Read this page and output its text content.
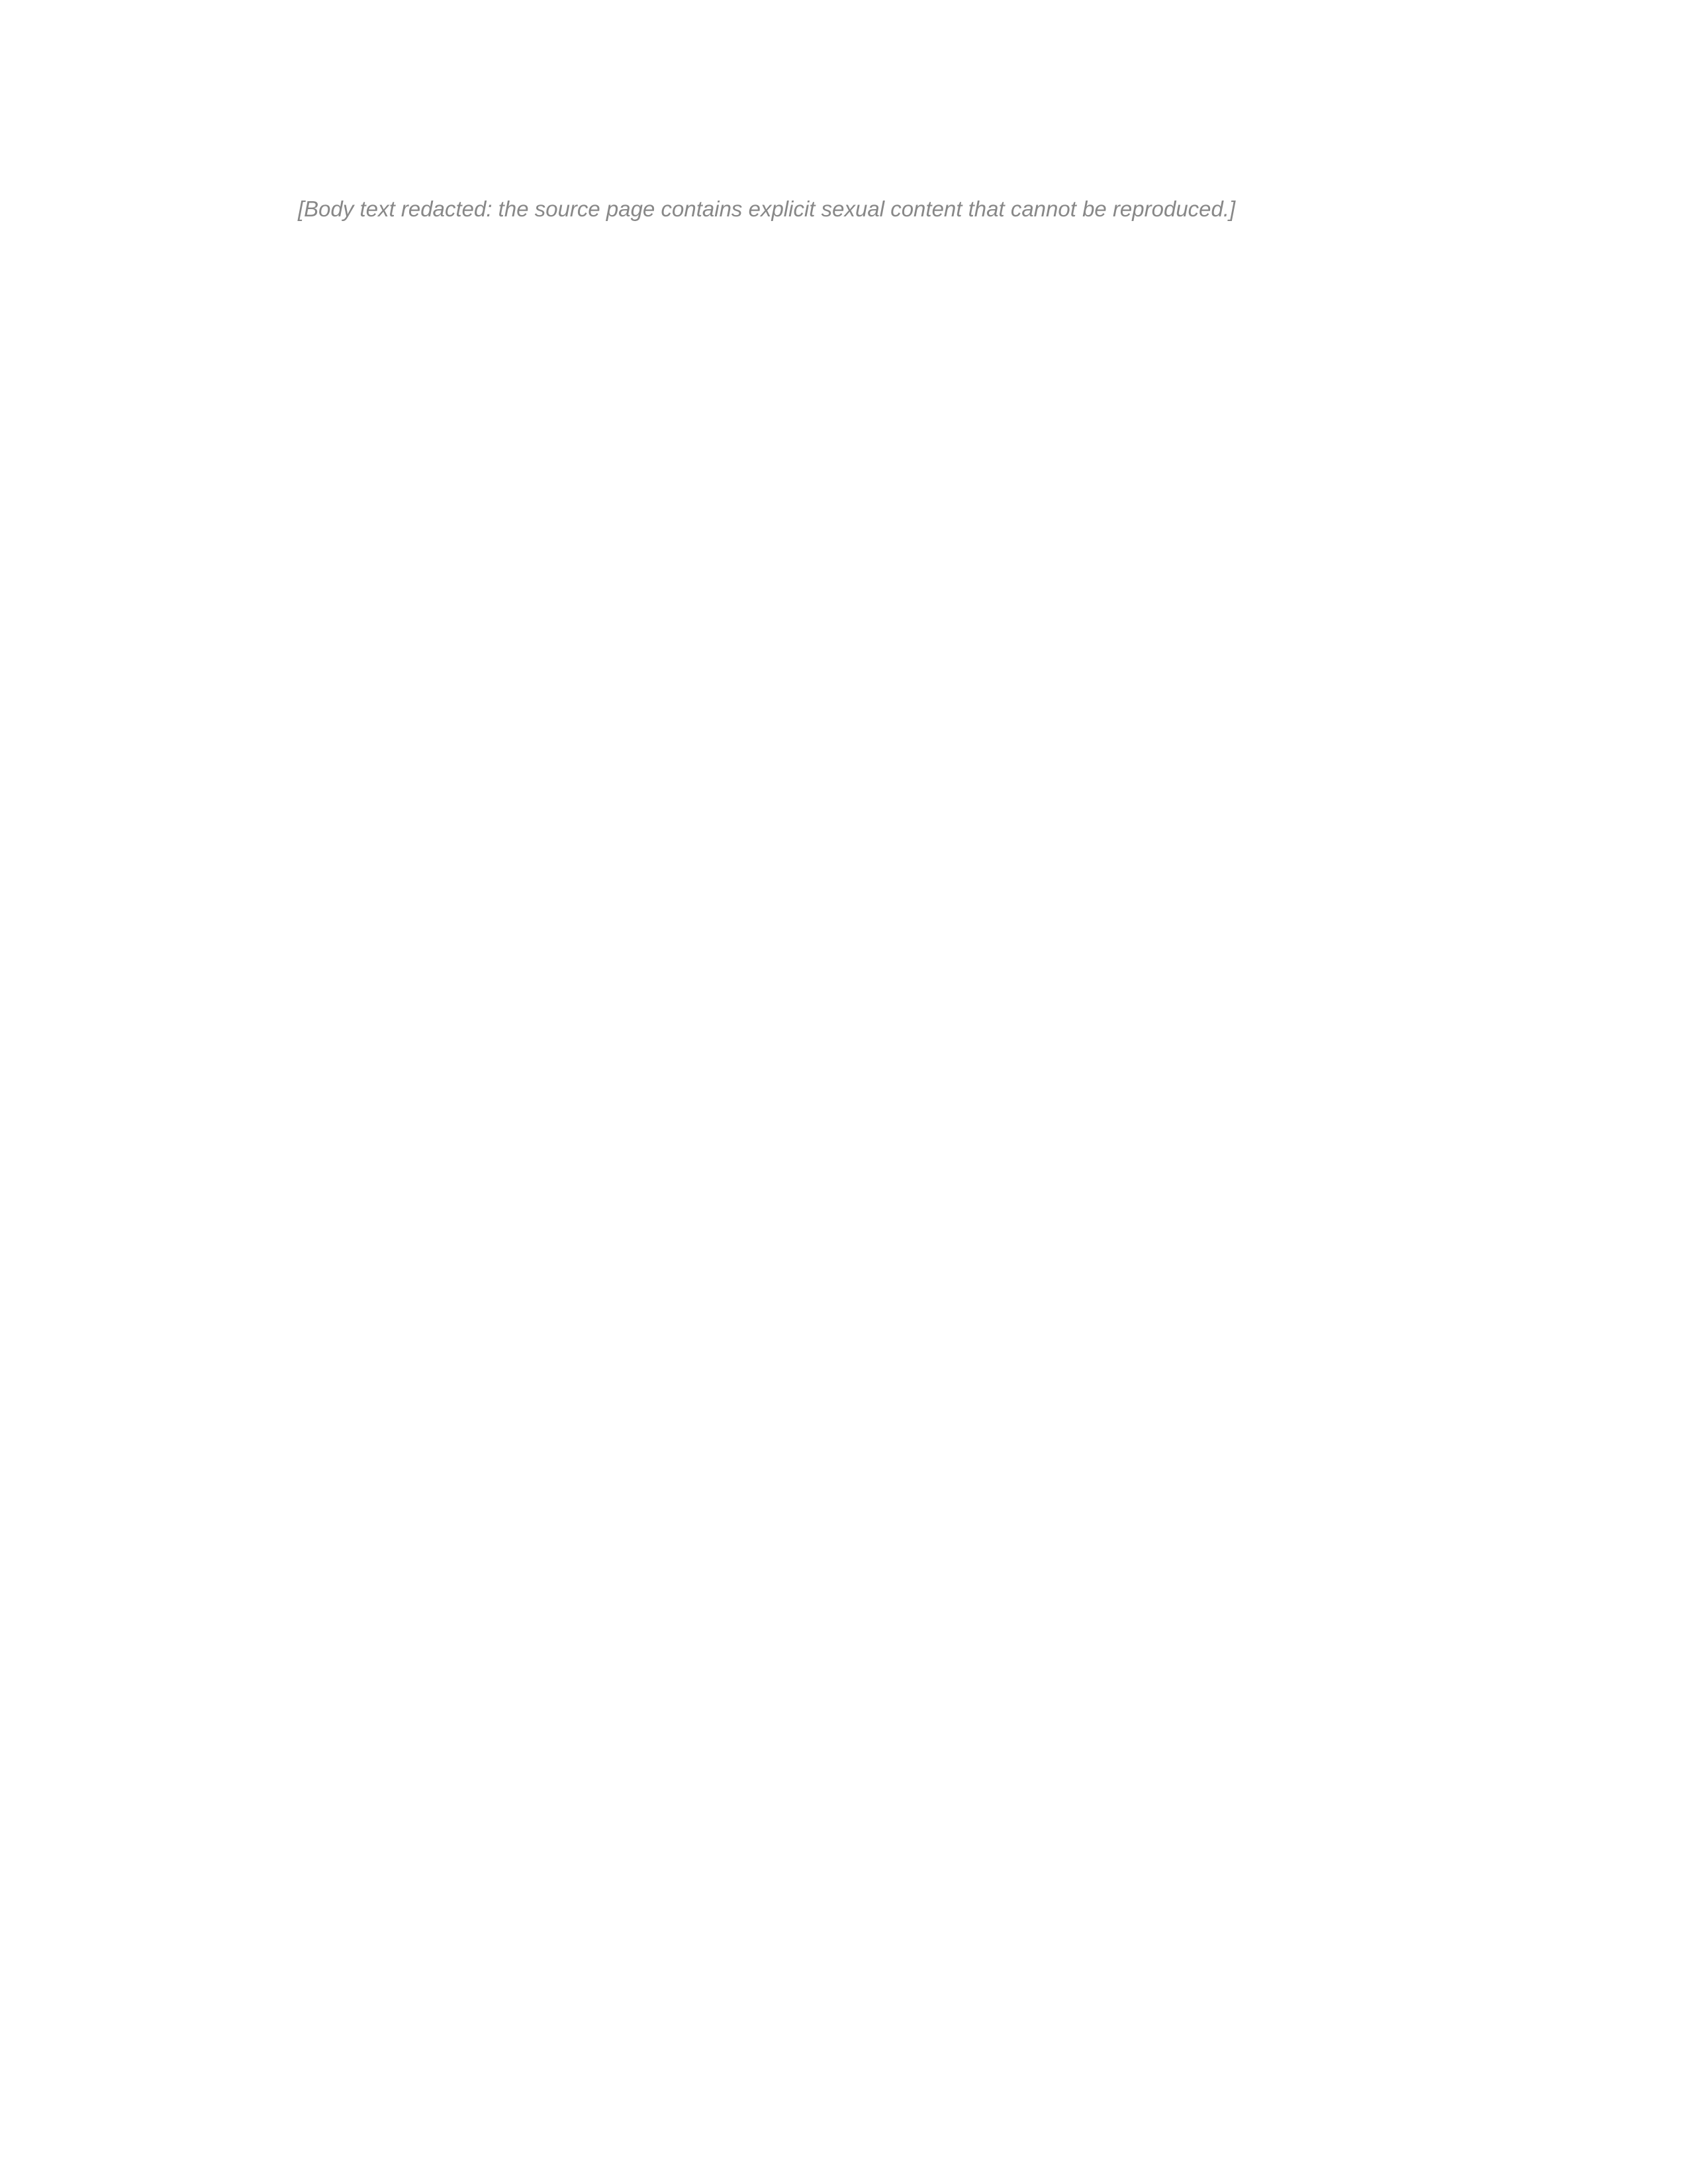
[Body text redacted: the source page contains explicit sexual content that cannot be reproduced.]
